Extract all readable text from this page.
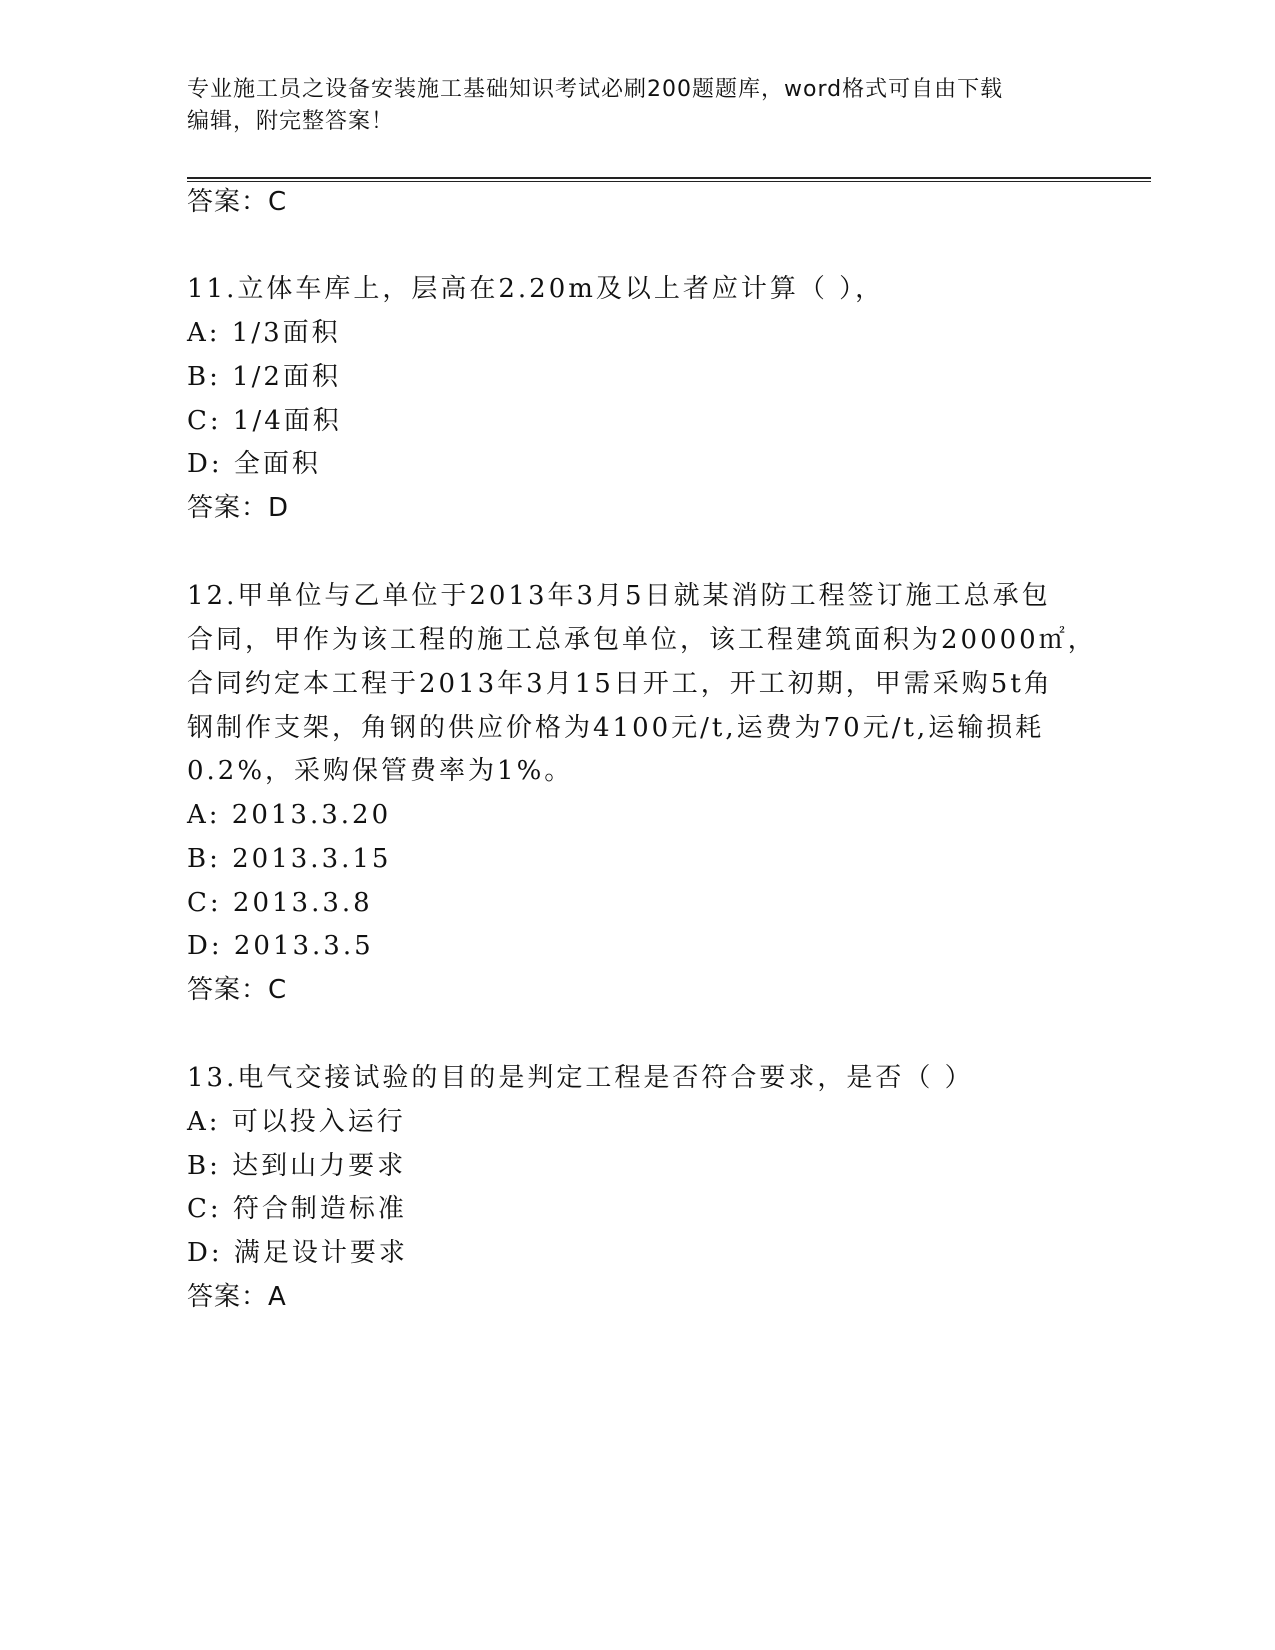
专业施工员之设备安装施工基础知识考试必刷200题题库，word格式可自由下载
编辑，附完整答案！
答案：C
11.立体车库上，层高在2.20m及以上者应计算（ ），
A: 1/3面积
B: 1/2面积
C: 1/4面积
D: 全面积
答案：D
12.甲单位与乙单位于2013年3月5日就某消防工程签订施工总承包
合同，甲作为该工程的施工总承包单位，该工程建筑面积为20000㎡，
合同约定本工程于2013年3月15日开工，开工初期，甲需采购5t角
钢制作支架，角钢的供应价格为4100元/t,运费为70元/t,运输损耗
0.2%，采购保管费率为1%。
A: 2013.3.20
B: 2013.3.15
C: 2013.3.8
D: 2013.3.5
答案：C
13.电气交接试验的目的是判定工程是否符合要求，是否（ ）
A: 可以投入运行
B: 达到山力要求
C: 符合制造标准
D: 满足设计要求
答案：A
